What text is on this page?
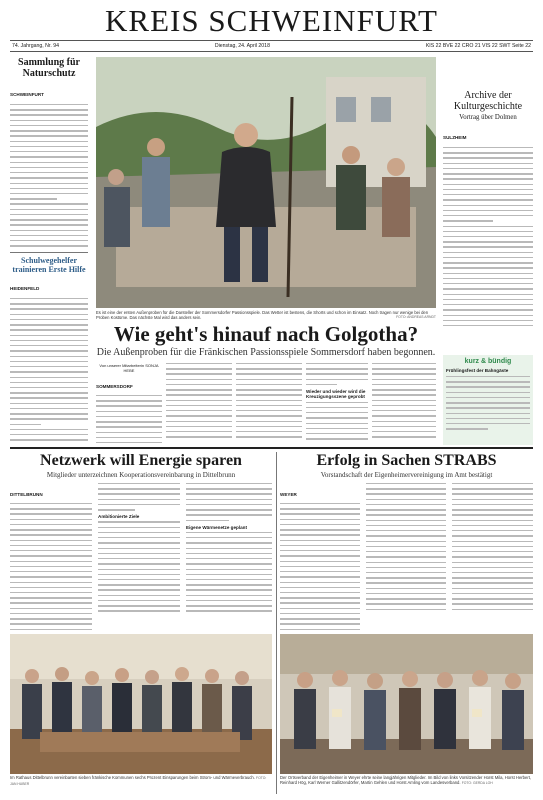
KREIS SCHWEINFURT
74. Jahrgang, Nr. 94	Dienstag, 24. April 2018	KIS 22 BVE 22 CRO 21 VIS 22 SWT Seite 22
Sammlung für Naturschutz
SCHWEINFURT
Schulwegehelfer trainieren Erste Hilfe
HEIDENFELD
Es ist eine der ersten Außenproben für die Darsteller der Sommersdorfer Passionsspiele. Das Wetter ist bestens, die Shorts und schon im Einsatz. Noch tragen nur wenige bei den Proben Kostüme. Das nächste Mal wird das anders sein.	FOTO: ANDREAS ARNDT
Archive der Kulturgeschichte
Vortrag über Dolmen
SULZHEIM
kurz & bündig
Frühlingsfest der Bahngäste
Wie geht's hinauf nach Golgotha?
Die Außenproben für die Fränkischen Passionsspiele Sommersdorf haben begonnen.
Von unserer Mitarbeiterin SONJA HEBE
SOMMERSDORF
Wieder und wieder wird die Kreuzigungsszene geprobt
Netzwerk will Energie sparen
Mitglieder unterzeichnen Kooperationsvereinbarung in Dittelbrunn
DITTELBRUNN
Ambitionierte Ziele
Eigene Wärmenetze geplant
Im Rathaus Dittelbrunn vereinbarten sieben fränkische Kommunen sechs Prozent Einsparungen beim Strom- und Wärmeverbrauch. FOTO: JAN HUBER
Erfolg in Sachen STRABS
Vorstandschaft der Eigenheimervereinigung im Amt bestätigt
WEYER
Der Ortsverband der Eigenheimer in Weyer ehrte seine langjährigen Mitglieder. Im Bild von links Vorsitzender Horst Mila, Horst Herbert, Reinhard Hög, Karl Werner Gallitzendörfer, Martin Gehlen und Horst Amling vom Landesverband. FOTO: GERDA LOH
